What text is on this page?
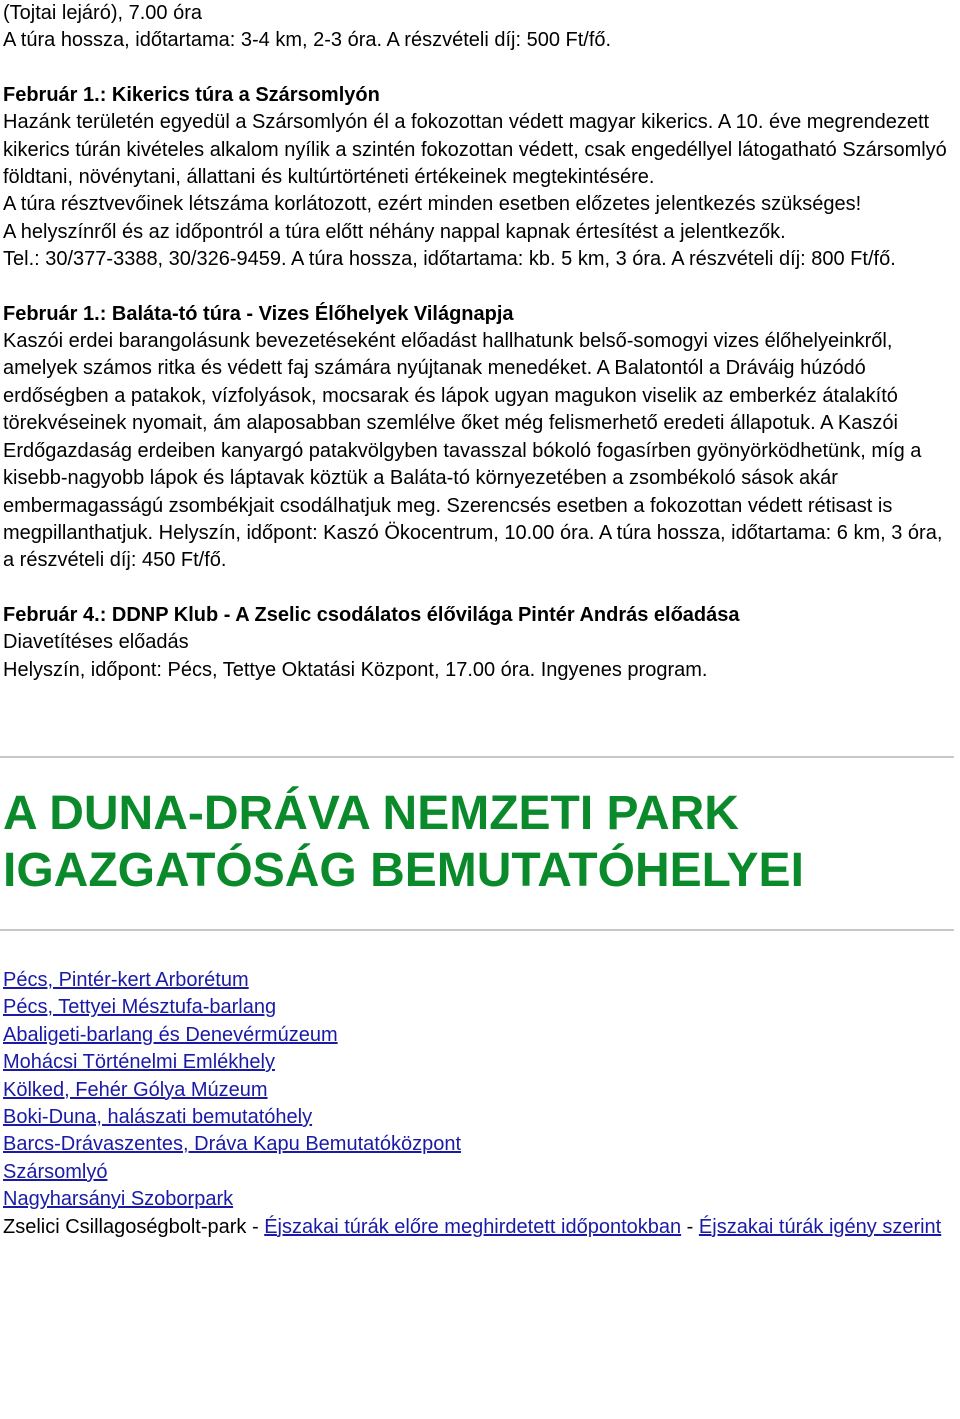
(Tojtai lejáró), 7.00 óra

A túra hossza, időtartama: 3-4 km, 2-3 óra. A részvételi díj: 500 Ft/fő.

Február 1.: Kikerics túra a Szársomlyón

Hazánk területén egyedül a Szársomlyón él a fokozottan védett magyar kikerics. A 10. éve megrendezett kikerics túrán kivételes alkalom nyílik a szintén fokozottan védett, csak engedéllyel látogatható Szársomlyó földtani, növénytani, állattani és kultúrtörténeti értékeinek megtekintésére.

A túra résztvevőinek létszáma korlátozott, ezért minden esetben előzetes jelentkezés szükséges!

A helyszínről és az időpontról a túra előtt néhány nappal kapnak értesítést a jelentkezők.

Tel.: 30/377-3388, 30/326-9459. A túra hossza, időtartama: kb. 5 km, 3 óra. A részvételi díj: 800 Ft/fő.

Február 1.: Baláta-tó túra - Vizes Élőhelyek Világnapja

Kaszói erdei barangolásunk bevezetéseként előadást hallhatunk belső-somogyi vizes élőhelyeinkről, amelyek számos ritka és védett faj számára nyújtanak menedéket. A Balatontól a Dráváig húzódó erdőségben a patakok, vízfolyások, mocsarak és lápok ugyan magukon viselik az emberkéz átalakító törekvéseinek nyomait, ám alaposabban szemlélve őket még felismerhető eredeti állapotuk. A Kaszói Erdőgazdaság erdeiben kanyargó patakvölgyben tavasszal bókoló fogasírben gyönyörködhetünk, míg a kisebb-nagyobb lápok és láptavak köztük a Baláta-tó környezetében a zsombékoló sások akár embermagasságú zsombékjait csodálhatjuk meg. Szerencsés esetben a fokozottan védett rétisast is megpillanthatjuk. Helyszín, időpont: Kaszó Ökocentrum, 10.00 óra. A túra hossza, időtartama: 6 km, 3 óra, a részvételi díj: 450 Ft/fő.

Február 4.: DDNP Klub - A Zselic csodálatos élővilága Pintér András előadása

Diavetítéses előadás

Helyszín, időpont: Pécs, Tettye Oktatási Központ, 17.00 óra. Ingyenes program.

A DUNA-DRÁVA NEMZETI PARK IGAZGATÓSÁG BEMUTATÓHELYEI
Pécs, Pintér-kert Arborétum
Pécs, Tettyei Mésztufa-barlang
Abaligeti-barlang és Denevérmúzeum
Mohácsi Történelmi Emlékhely
Kölked, Fehér Gólya Múzeum
Boki-Duna, halászati bemutatóhely
Barcs-Drávaszentes, Dráva Kapu Bemutatóközpont
Szársomlyó
Nagyharsányi Szoborpark
Zselici Csillagoségbolt-park - Éjszakai túrák előre meghirdetett időpontokban - Éjszakai túrák igény szerint
